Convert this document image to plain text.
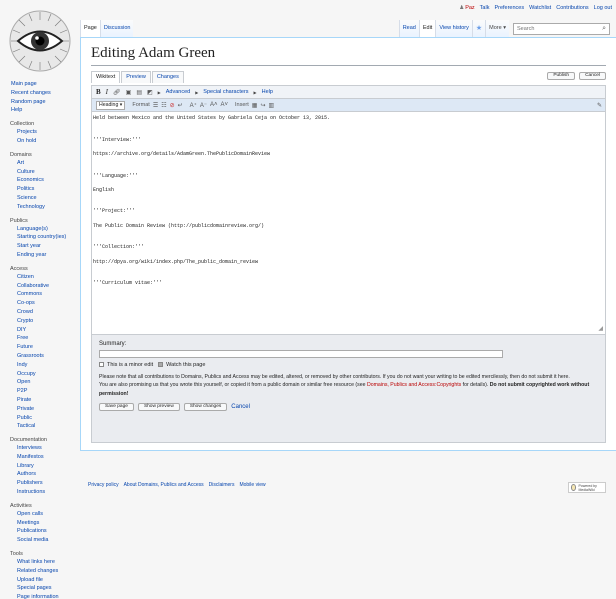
♟Paz Talk Preferences Watchlist Contributions Log out
Main page
Recent changes
Random page
Help
Collection
Projects
On hold
Domains
Art
Culture
Economics
Politics
Science
Technology
Publics
Language(s)
Starting country(ies)
Start year
Ending year
Access
Citizen
Collaborative
Commons
Co-ops
Crowd
Crypto
DIY
Free
Future
Grassroots
Indy
Occupy
Open
P2P
Pirate
Private
Public
Tactical
Documentation
Interviews
Manifestos
Library
Authors
Publishers
Instructions
Activities
Open calls
Meetings
Publications
Social media
Tools
What links here
Related changes
Upload file
Special pages
Page information
Page	Discussion	Read	Edit	View history	★	More ▾
Search	⌕
Editing Adam Green
Wikitext	Preview	Changes	Publish	Cancel
B I 🔗︎ ▣ ▤ ◩ ▶ Advanced ▶ Special characters ▶ Help
Heading ▾	Format ☰ ☷ ⊘ ↵ A⁺ A⁻ A˄ A˅ Insert ▦ ↪ ▥	✎
Held between Mexico and the United States by Gabriela Ceja on October 13, 2015.
'''Interview:'''
https://archive.org/details/AdamGreen.ThePublicDomainReview
'''Language:'''
English
'''Project:'''
The Public Domain Review (http://publicdomainreview.org/)
'''Collection:'''
http://dpya.org/wiki/index.php/The_public_domain_review
'''Curriculum vitae:'''
◢
Summary:
This is a minor edit	Watch this page

Please note that all contributions to Domains, Publics and Access may be edited, altered, or removed by other contributors. If you do not want your writing to be edited mercilessly, then do not submit it here.

You are also promising us that you wrote this yourself, or copied it from a public domain or similar free resource (see Domains, Publics and Access:Copyrights for details). Do not submit copyrighted work without permission!

Save page	Show preview	Show changes	Cancel
Privacy policy About Domains, Publics and Access Disclaimers Mobile view	Powered by MediaWiki
